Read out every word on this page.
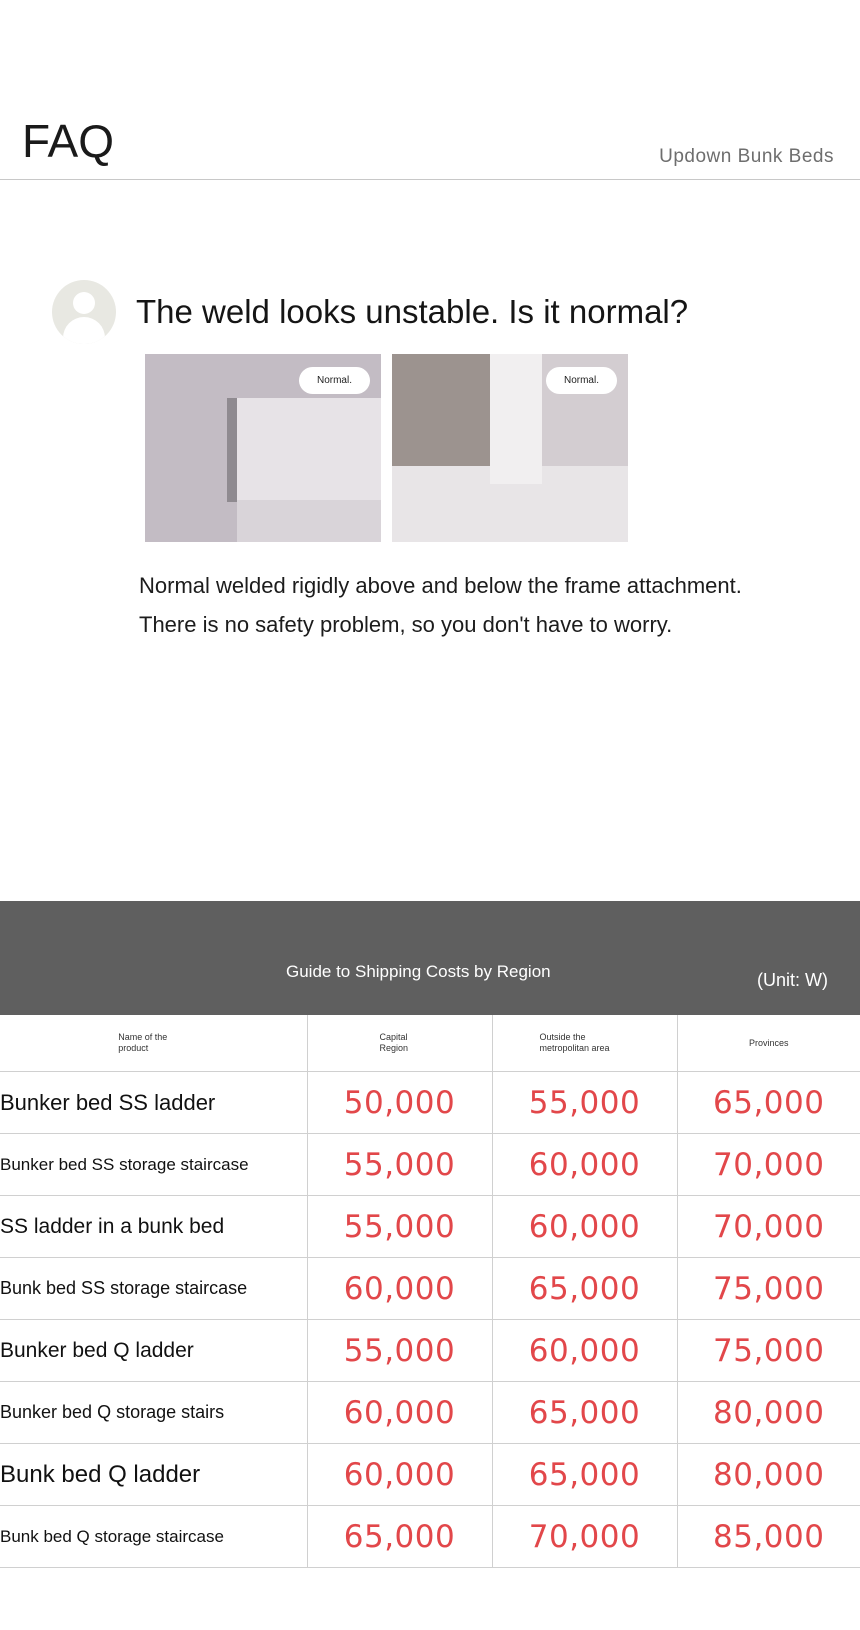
FAQ	Updown Bunk Beds
The weld looks unstable. Is it normal?
Normal.	Normal.
Normal welded rigidly above and below the frame attachment.
There is no safety problem, so you don't have to worry.
Guide to Shipping Costs by Region	(Unit: W)
Name of the product	Capital Region	Outside the metropolitan area	Provinces
Bunker bed SS ladder	50,000	55,000	65,000
Bunker bed SS storage staircase	55,000	60,000	70,000
SS ladder in a bunk bed	55,000	60,000	70,000
Bunk bed SS storage staircase	60,000	65,000	75,000
Bunker bed Q ladder	55,000	60,000	75,000
Bunker bed Q storage stairs	60,000	65,000	80,000
Bunk bed Q ladder	60,000	65,000	80,000
Bunk bed Q storage staircase	65,000	70,000	85,000
